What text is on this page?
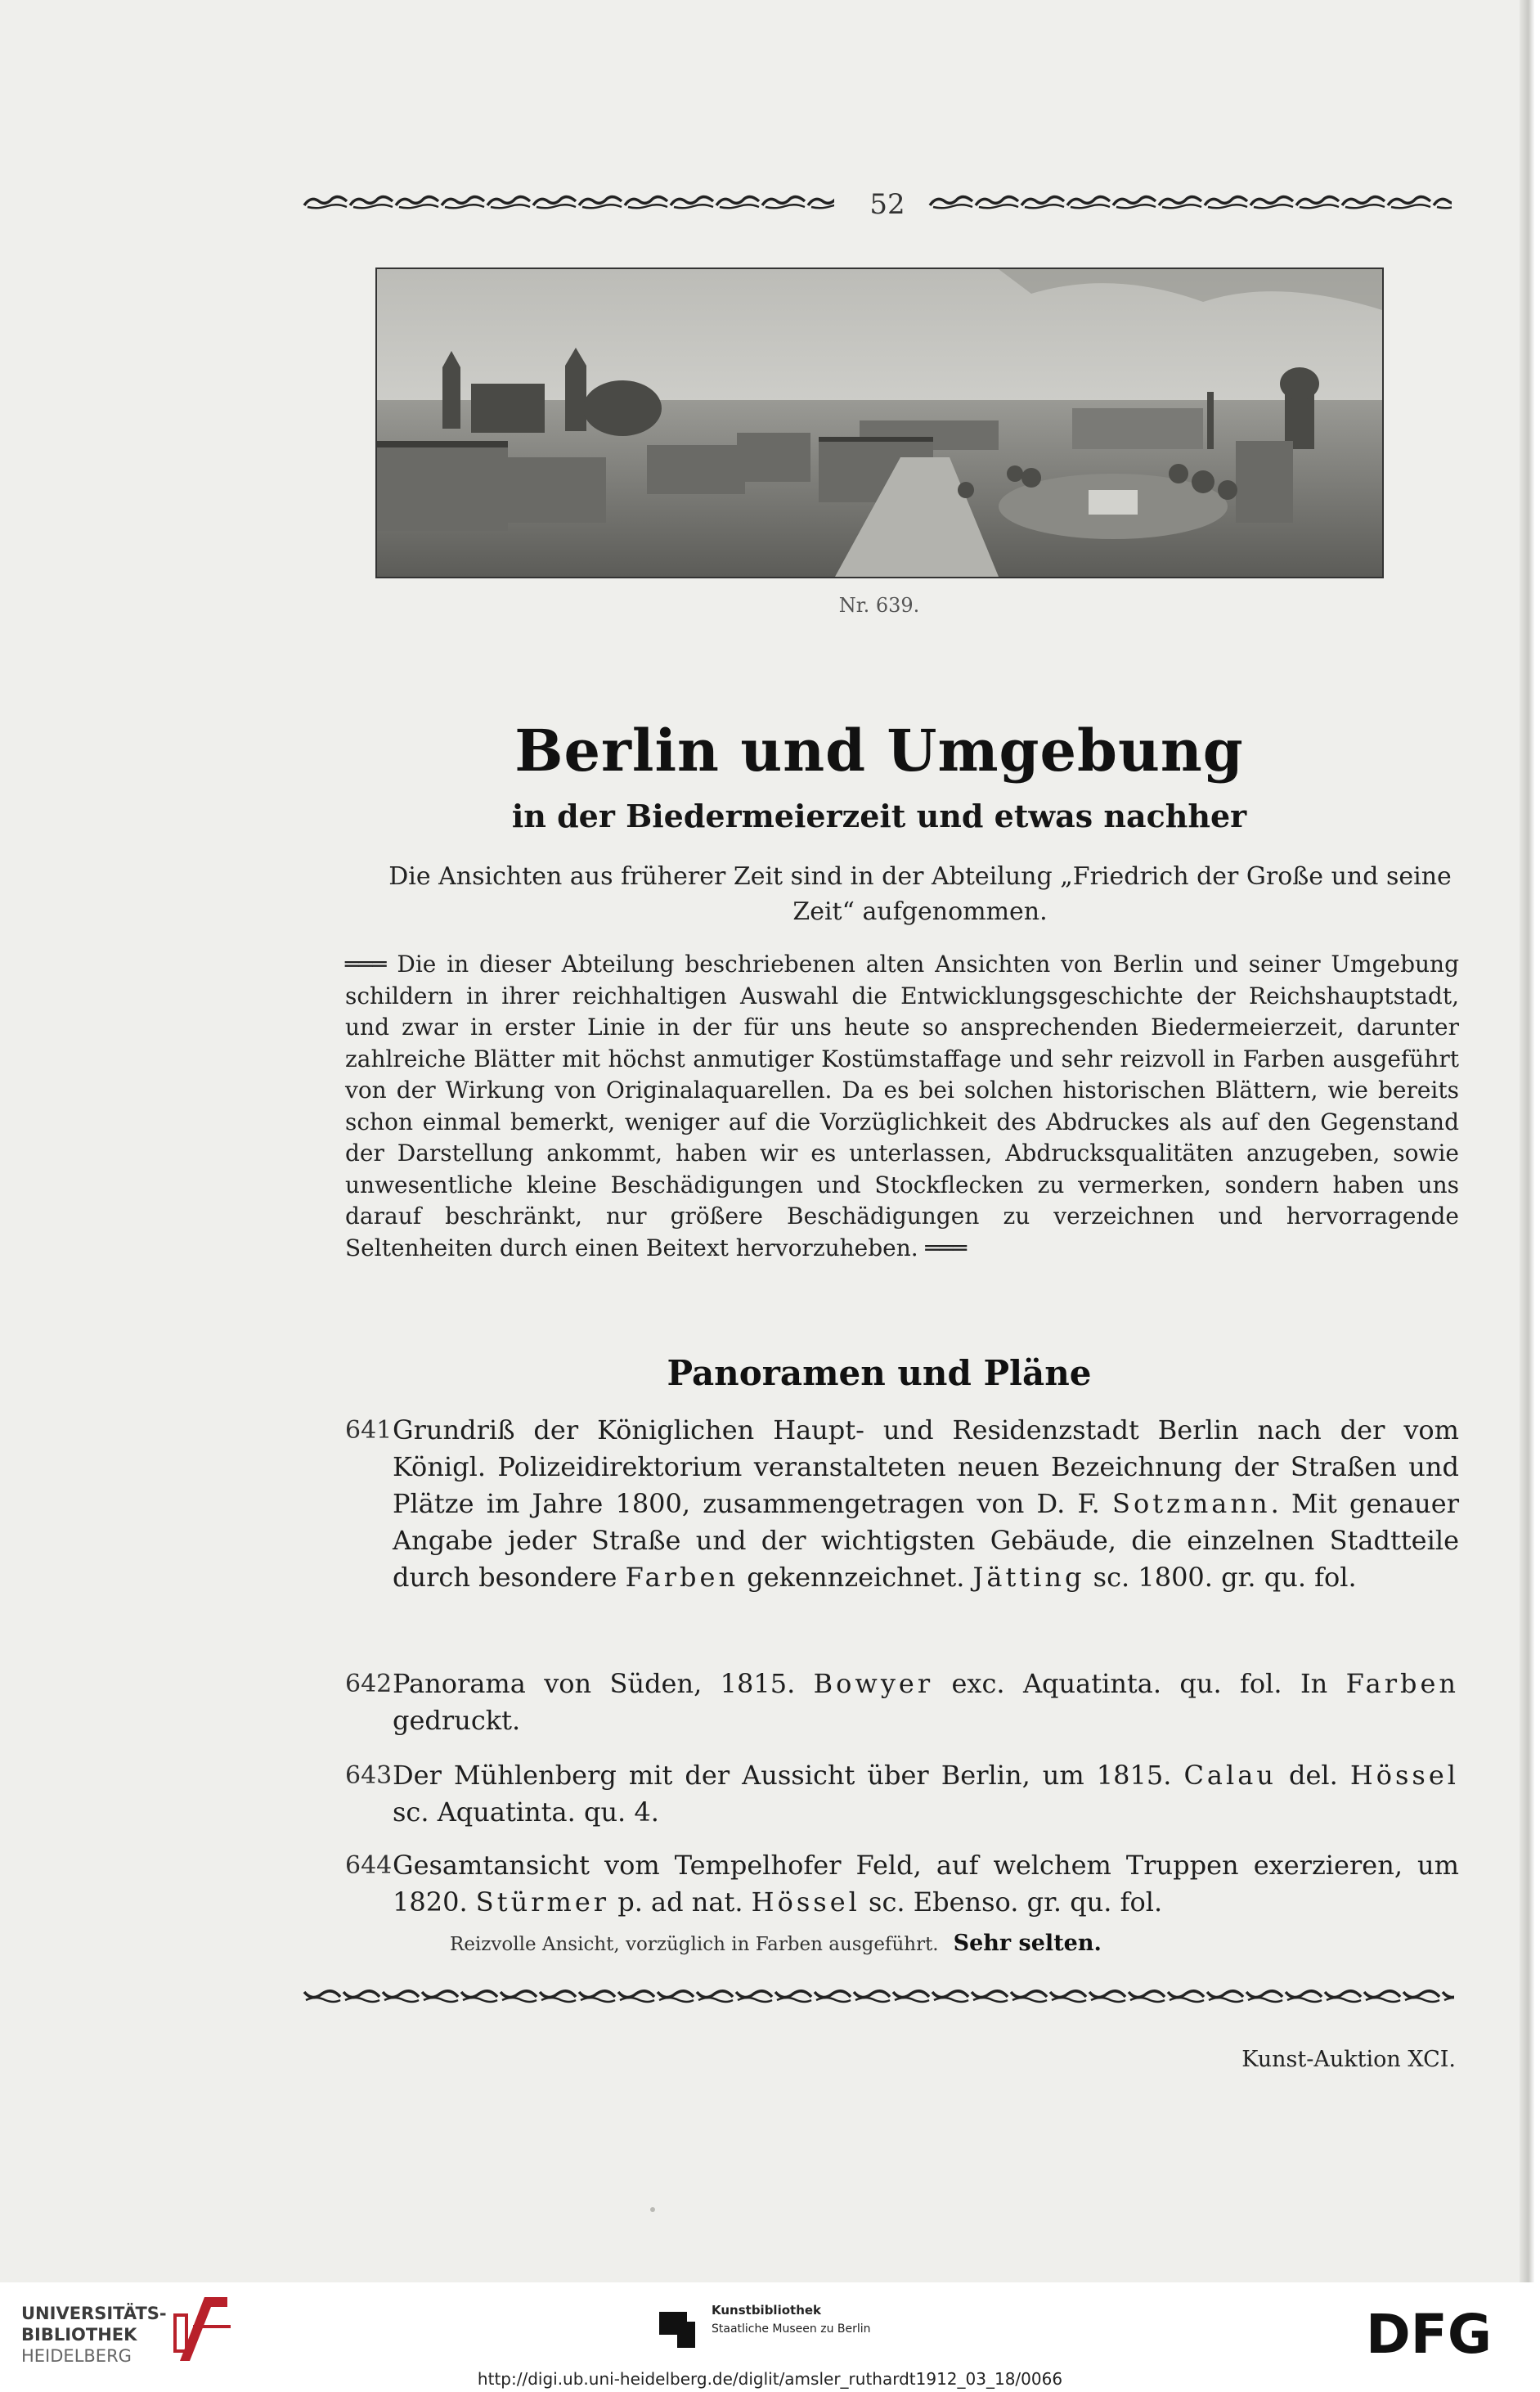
52
Nr. 639.
Berlin und Umgebung
in der Biedermeierzeit und etwas nachher
Die Ansichten aus früherer Zeit sind in der Abteilung „Friedrich der Große und seine Zeit“ aufgenommen.
═══ Die in dieser Abteilung beschriebenen alten Ansichten von Berlin und seiner Umgebung schildern in ihrer reichhaltigen Auswahl die Entwicklungsgeschichte der Reichshauptstadt, und zwar in erster Linie in der für uns heute so ansprechenden Biedermeierzeit, darunter zahlreiche Blätter mit höchst anmutiger Kostümstaffage und sehr reizvoll in Farben ausgeführt von der Wirkung von Originalaquarellen. Da es bei solchen historischen Blättern, wie bereits schon einmal bemerkt, weniger auf die Vorzüglichkeit des Abdruckes als auf den Gegenstand der Darstellung ankommt, haben wir es unterlassen, Abdrucksqualitäten anzugeben, sowie unwesentliche kleine Beschädigungen und Stockflecken zu vermerken, sondern haben uns darauf beschränkt, nur größere Beschädigungen zu verzeichnen und hervorragende Seltenheiten durch einen Beitext hervorzuheben. ═══
Panoramen und Pläne
641 Grundriß der Königlichen Haupt- und Residenzstadt Berlin nach der vom Königl. Polizeidirektorium veranstalteten neuen Bezeichnung der Straßen und Plätze im Jahre 1800, zusammengetragen von D. F. Sotzmann. Mit genauer Angabe jeder Straße und der wichtigsten Gebäude, die einzelnen Stadtteile durch besondere Farben gekennzeichnet. Jätting sc. 1800. gr. qu. fol.
642 Panorama von Süden, 1815. Bowyer exc. Aquatinta. qu. fol. In Farben gedruckt.
643 Der Mühlenberg mit der Aussicht über Berlin, um 1815. Calau del. Hössel sc. Aquatinta. qu. 4.
644 Gesamtansicht vom Tempelhofer Feld, auf welchem Truppen exerzieren, um 1820. Stürmer p. ad nat. Hössel sc. Ebenso. gr. qu. fol.
Reizvolle Ansicht, vorzüglich in Farben ausgeführt. Sehr selten.
Kunst-Auktion XCI.
UNIVERSITÄTS-
BIBLIOTHEK
HEIDELBERG
Kunstbibliothek
Staatliche Museen zu Berlin	DFG
http://digi.ub.uni-heidelberg.de/diglit/amsler_ruthardt1912_03_18/0066
